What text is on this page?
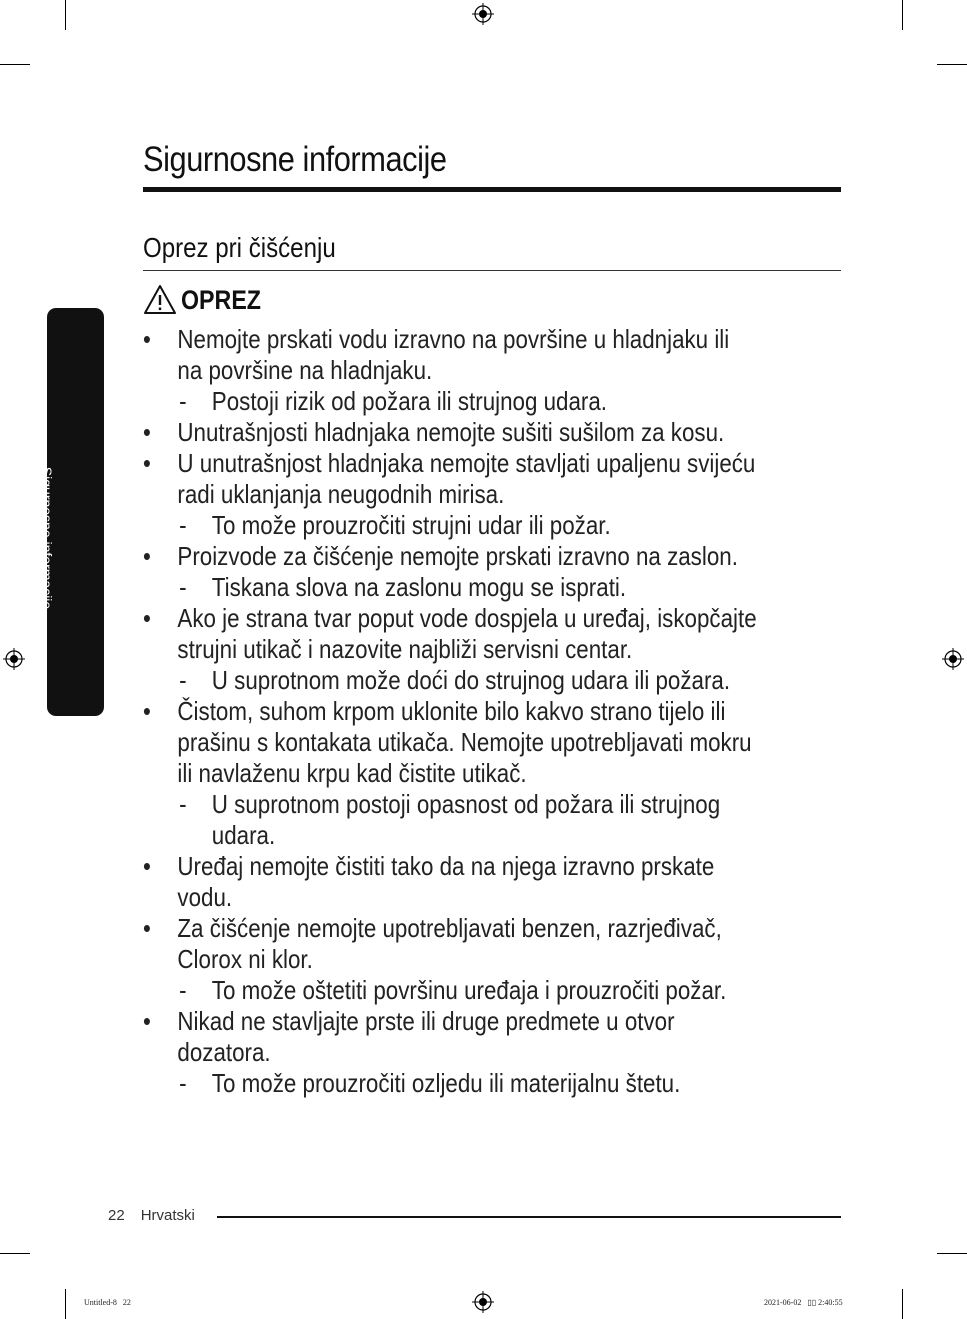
Sigurnosne informacije
Sigurnosne informacije
Oprez pri čišćenju
OPREZ
• Nemojte prskati vodu izravno na površine u hladnjaku ili
na površine na hladnjaku.
- Postoji rizik od požara ili strujnog udara.
• Unutrašnjosti hladnjaka nemojte sušiti sušilom za kosu.
• U unutrašnjost hladnjaka nemojte stavljati upaljenu svijeću
radi uklanjanja neugodnih mirisa.
- To može prouzročiti strujni udar ili požar.
• Proizvode za čišćenje nemojte prskati izravno na zaslon.
- Tiskana slova na zaslonu mogu se isprati.
• Ako je strana tvar poput vode dospjela u uređaj, iskopčajte
strujni utikač i nazovite najbliži servisni centar.
- U suprotnom može doći do strujnog udara ili požara.
• Čistom, suhom krpom uklonite bilo kakvo strano tijelo ili
prašinu s kontakata utikača. Nemojte upotrebljavati mokru
ili navlaženu krpu kad čistite utikač.
- U suprotnom postoji opasnost od požara ili strujnog
udara.
• Uređaj nemojte čistiti tako da na njega izravno prskate
vodu.
• Za čišćenje nemojte upotrebljavati benzen, razrjeđivač,
Clorox ni klor.
- To može oštetiti površinu uređaja i prouzročiti požar.
• Nikad ne stavljajte prste ili druge predmete u otvor
dozatora.
- To može prouzročiti ozljedu ili materijalnu štetu.
22 Hrvatski
Untitled-8   22	2021-06-02   ▯▯ 2:40:55
